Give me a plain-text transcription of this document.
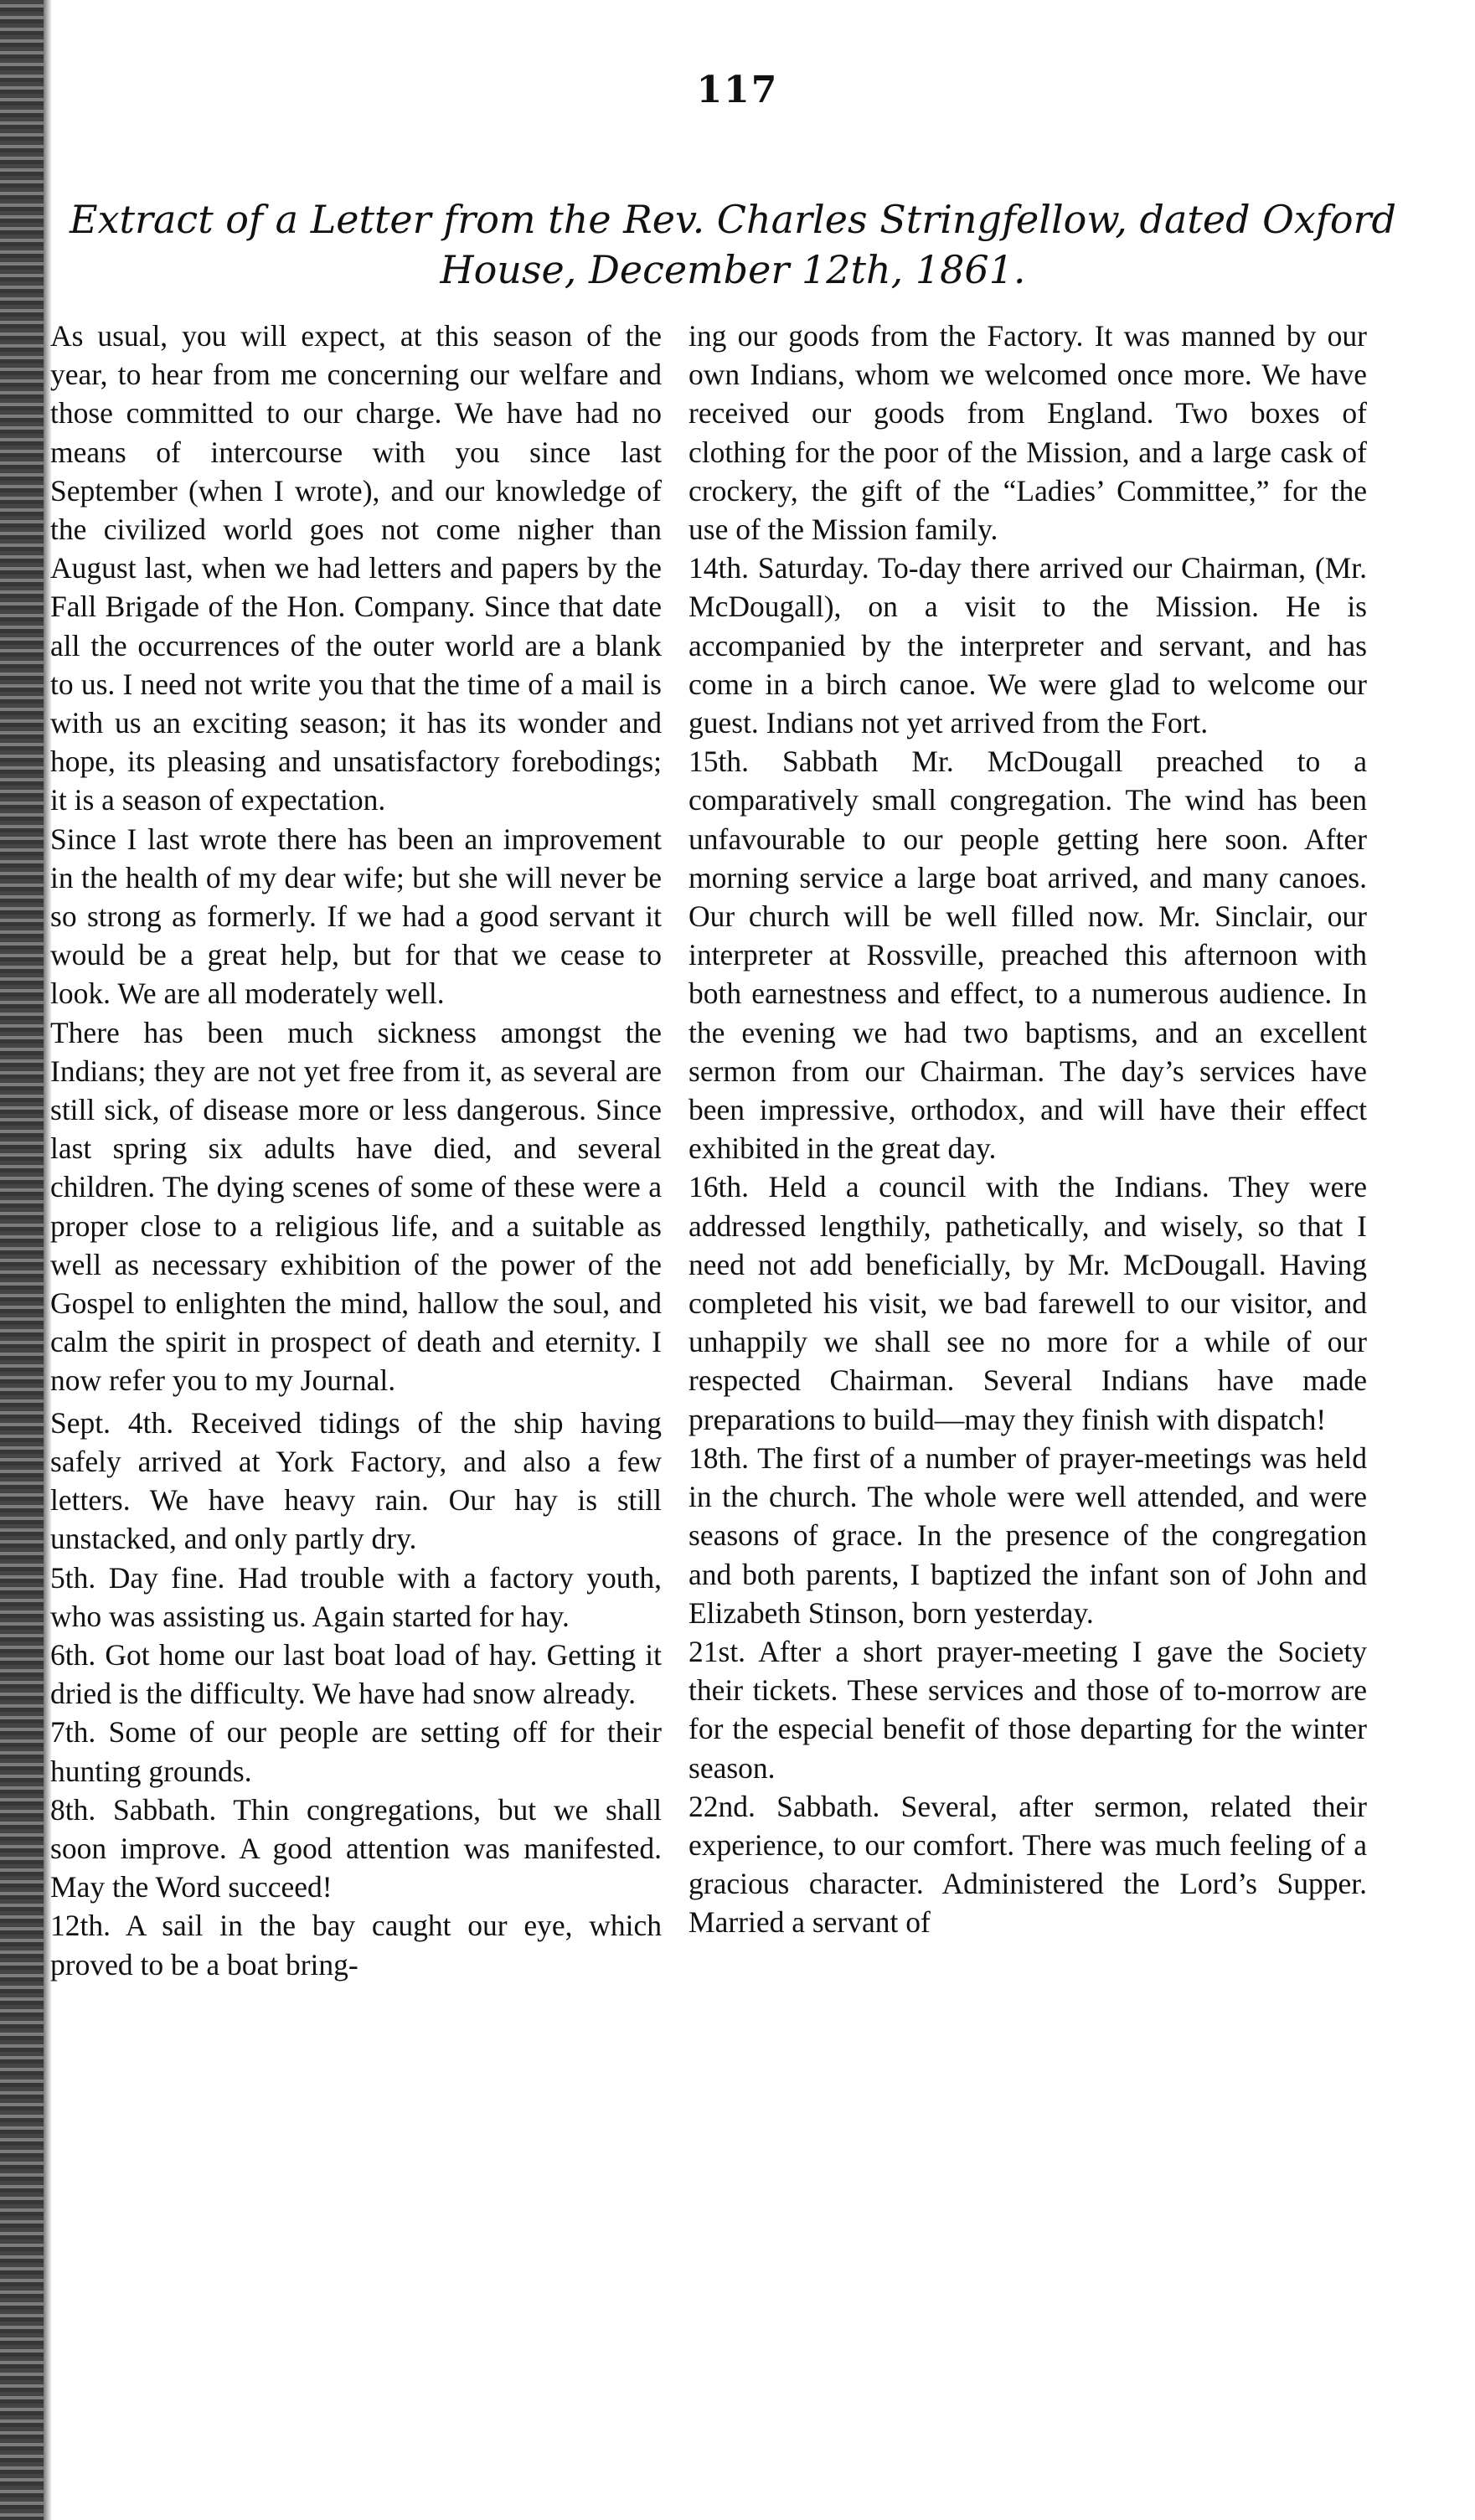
117
Extract of a Letter from the Rev. Charles Stringfellow, dated Oxford
House, December 12th, 1861.

As usual, you will expect, at this season of the year, to hear from me concerning our welfare and those committed to our charge. We have had no means of intercourse with you since last September (when I wrote), and our knowledge of the civilized world goes not come nigher than August last, when we had letters and papers by the Fall Brigade of the Hon. Company. Since that date all the occurrences of the outer world are a blank to us. I need not write you that the time of a mail is with us an exciting season; it has its wonder and hope, its pleasing and unsatisfactory forebodings; it is a season of expectation.

Since I last wrote there has been an improvement in the health of my dear wife; but she will never be so strong as formerly. If we had a good servant it would be a great help, but for that we cease to look. We are all moderately well.

There has been much sickness amongst the Indians; they are not yet free from it, as several are still sick, of disease more or less dangerous. Since last spring six adults have died, and several children. The dying scenes of some of these were a proper close to a religious life, and a suitable as well as necessary exhibition of the power of the Gospel to enlighten the mind, hallow the soul, and calm the spirit in prospect of death and eternity. I now refer you to my Journal.

Sept. 4th. Received tidings of the ship having safely arrived at York Factory, and also a few letters. We have heavy rain. Our hay is still unstacked, and only partly dry.

5th. Day fine. Had trouble with a factory youth, who was assisting us. Again started for hay.

6th. Got home our last boat load of hay. Getting it dried is the difficulty. We have had snow already.

7th. Some of our people are setting off for their hunting grounds.

8th. Sabbath. Thin congregations, but we shall soon improve. A good attention was manifested. May the Word succeed!

12th. A sail in the bay caught our eye, which proved to be a boat bring-

ing our goods from the Factory. It was manned by our own Indians, whom we welcomed once more. We have received our goods from England. Two boxes of clothing for the poor of the Mission, and a large cask of crockery, the gift of the “Ladies’ Committee,” for the use of the Mission family.

14th. Saturday. To-day there arrived our Chairman, (Mr. McDougall), on a visit to the Mission. He is accompanied by the interpreter and servant, and has come in a birch canoe. We were glad to welcome our guest. Indians not yet arrived from the Fort.

15th. Sabbath Mr. McDougall preached to a comparatively small congregation. The wind has been unfavourable to our people getting here soon. After morning service a large boat arrived, and many canoes. Our church will be well filled now. Mr. Sinclair, our interpreter at Rossville, preached this afternoon with both earnestness and effect, to a numerous audience. In the evening we had two baptisms, and an excellent sermon from our Chairman. The day’s services have been impressive, orthodox, and will have their effect exhibited in the great day.

16th. Held a council with the Indians. They were addressed lengthily, pathetically, and wisely, so that I need not add beneficially, by Mr. McDougall. Having completed his visit, we bad farewell to our visitor, and unhappily we shall see no more for a while of our respected Chairman. Several Indians have made preparations to build—may they finish with dispatch!

18th. The first of a number of prayer-meetings was held in the church. The whole were well attended, and were seasons of grace. In the presence of the congregation and both parents, I baptized the infant son of John and Elizabeth Stinson, born yesterday.

21st. After a short prayer-meeting I gave the Society their tickets. These services and those of to-morrow are for the especial benefit of those departing for the winter season.

22nd. Sabbath. Several, after sermon, related their experience, to our comfort. There was much feeling of a gracious character. Administered the Lord’s Supper. Married a servant of
